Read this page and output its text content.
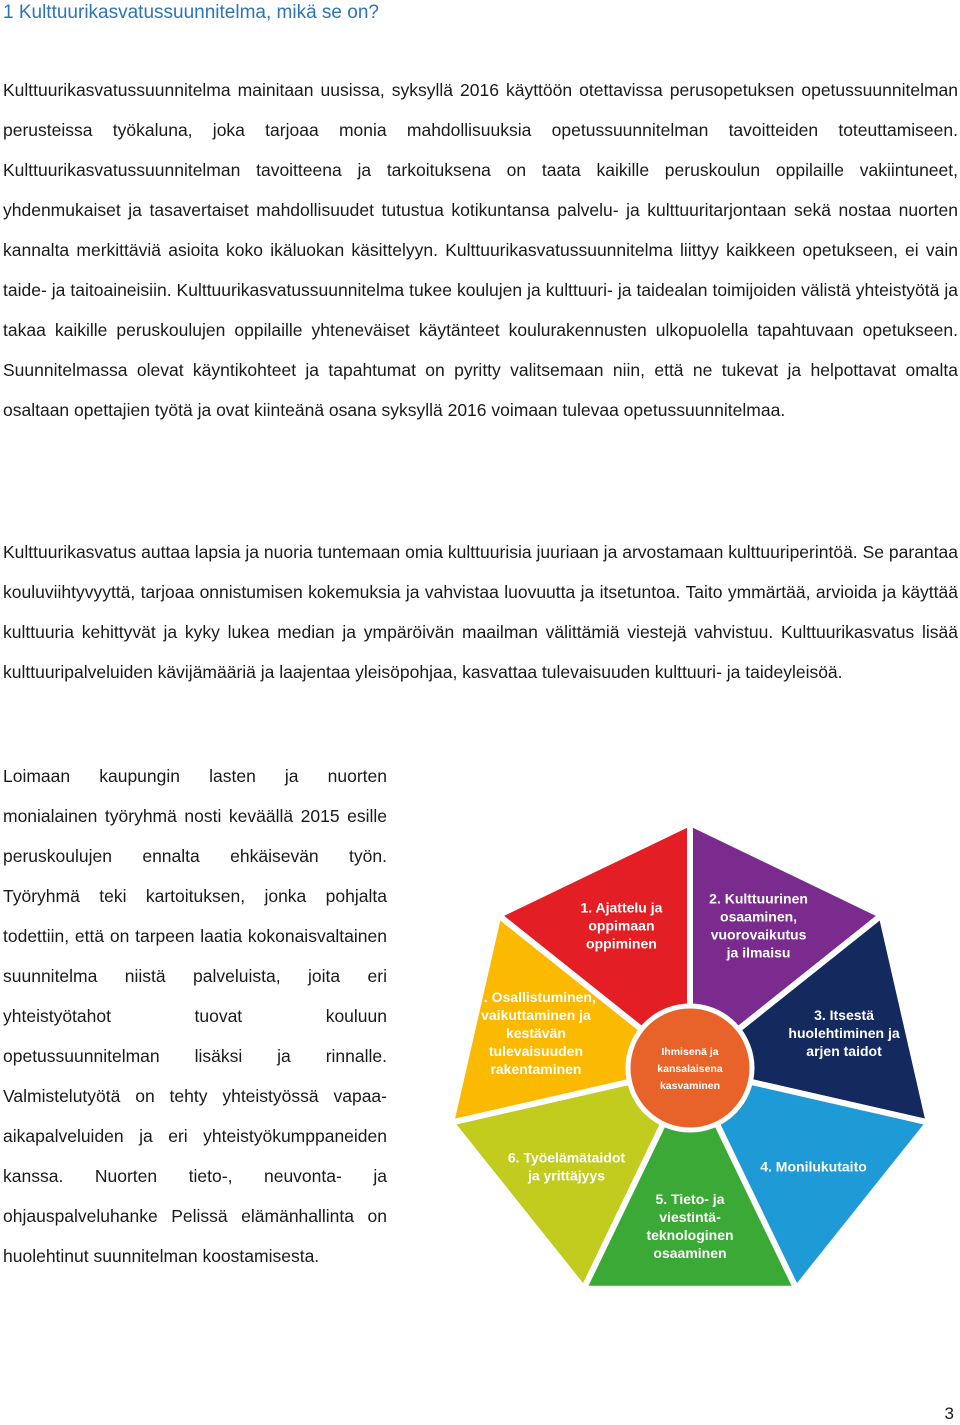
1 Kulttuurikasvatussuunnitelma, mikä se on?

Kulttuurikasvatussuunnitelma mainitaan uusissa, syksyllä 2016 käyttöön otettavissa perusopetuksen opetussuunnitelman perusteissa työkaluna, joka tarjoaa monia mahdollisuuksia opetussuunnitelman tavoitteiden toteuttamiseen. Kulttuurikasvatussuunnitelman tavoitteena ja tarkoituksena on taata kaikille peruskoulun oppilaille vakiintuneet, yhdenmukaiset ja tasavertaiset mahdollisuudet tutustua kotikuntansa palvelu- ja kulttuuritarjontaan sekä nostaa nuorten kannalta merkittäviä asioita koko ikäluokan käsittelyyn. Kulttuurikasvatussuunnitelma liittyy kaikkeen opetukseen, ei vain taide- ja taitoaineisiin. Kulttuurikasvatussuunnitelma tukee koulujen ja kulttuuri- ja taidealan toimijoiden välistä yhteistyötä ja takaa kaikille peruskoulujen oppilaille yhteneväiset käytänteet koulurakennusten ulkopuolella tapahtuvaan opetukseen. Suunnitelmassa olevat käyntikohteet ja tapahtumat on pyritty valitsemaan niin, että ne tukevat ja helpottavat omalta osaltaan opettajien työtä ja ovat kiinteänä osana syksyllä 2016 voimaan tulevaa opetussuunnitelmaa.

Kulttuurikasvatus auttaa lapsia ja nuoria tuntemaan omia kulttuurisia juuriaan ja arvostamaan kulttuuriperintöä. Se parantaa kouluviihtyvyyttä, tarjoaa onnistumisen kokemuksia ja vahvistaa luovuutta ja itsetuntoa. Taito ymmärtää, arvioida ja käyttää kulttuuria kehittyvät ja kyky lukea median ja ympäröivän maailman välittämiä viestejä vahvistuu. Kulttuurikasvatus lisää kulttuuripalveluiden kävijämääriä ja laajentaa yleisöpohjaa, kasvattaa tulevaisuuden kulttuuri- ja taideyleisöä.

Loimaan kaupungin lasten ja nuorten monialainen työryhmä nosti keväällä 2015 esille peruskoulujen ennalta ehkäisevän työn. Työryhmä teki kartoituksen, jonka pohjalta todettiin, että on tarpeen laatia kokonaisvaltainen suunnitelma niistä palveluista, joita eri yhteistyötahot tuovat kouluun opetussuunnitelman lisäksi ja rinnalle. Valmistelutyötä on tehty yhteistyössä vapaa-aikapalveluiden ja eri yhteistyökumppaneiden kanssa. Nuorten tieto-, neuvonta- ja ohjauspalveluhanke Pelissä elämänhallinta on huolehtinut suunnitelman koostamisesta.

1. Ajattelu ja oppimaan oppiminen
2. Kulttuurinen osaaminen, vuorovaikutus ja ilmaisu
3. Itsestä huolehtiminen ja arjen taidot
4. Monilukutaito
5. Tieto- ja viestintä-teknologinen osaaminen
6. Työelämätaidot ja yrittäjyys
7. Osallistuminen, vaikuttaminen ja kestävän tulevaisuuden rakentaminen
Ihmisenä ja kansalaisena kasvaminen

3
